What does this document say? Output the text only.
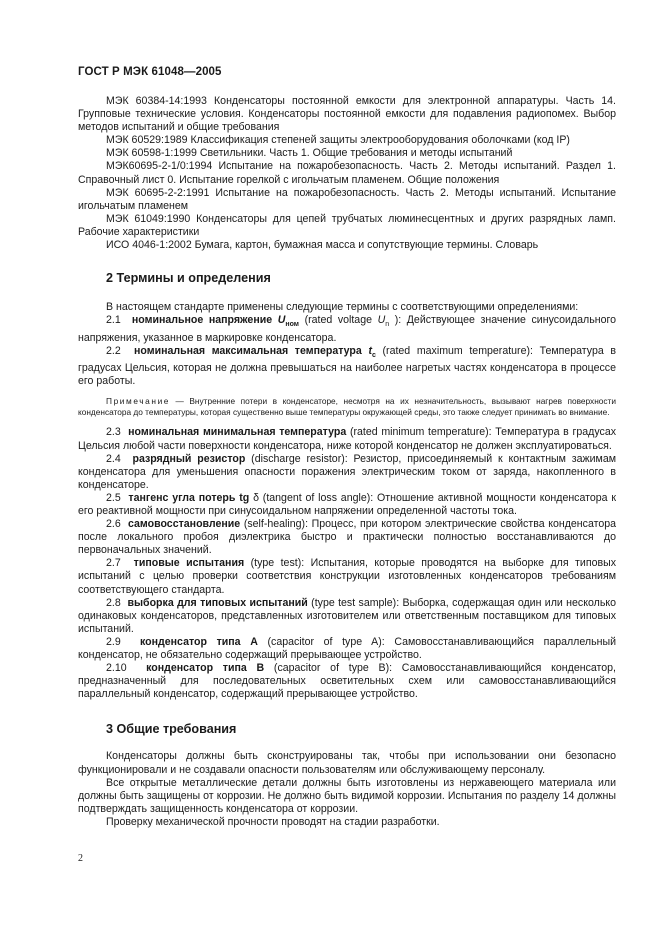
ГОСТ Р МЭК 61048—2005

МЭК 60384-14:1993 Конденсаторы постоянной емкости для электронной аппаратуры. Часть 14. Групповые технические условия. Конденсаторы постоянной емкости для подавления радиопомех. Выбор методов испытаний и общие требования

МЭК 60529:1989 Классификация степеней защиты электрооборудования оболочками (код IP)

МЭК 60598-1:1999 Светильники. Часть 1. Общие требования и методы испытаний

МЭК60695-2-1/0:1994 Испытание на пожаробезопасность. Часть 2. Методы испытаний. Раздел 1. Справочный лист 0. Испытание горелкой с игольчатым пламенем. Общие положения

МЭК 60695-2-2:1991 Испытание на пожаробезопасность. Часть 2. Методы испытаний. Испытание игольчатым пламенем

МЭК 61049:1990 Конденсаторы для цепей трубчатых люминесцентных и других разрядных ламп. Рабочие характеристики

ИСО 4046-1:2002 Бумага, картон, бумажная масса и сопутствующие термины. Словарь

2 Термины и определения

В настоящем стандарте применены следующие термины с соответствующими определениями:

2.1 номинальное напряжение $U_{ном}$ (rated voltage $U_n$ ): Действующее значение синусоидального напряжения, указанное в маркировке конденсатора.

2.2 номинальная максимальная температура $t_c$ (rated maximum temperature): Температура в градусах Цельсия, которая не должна превышаться на наиболее нагретых частях конденсатора в процессе его работы.

Примечание — Внутренние потери в конденсаторе, несмотря на их незначительность, вызывают нагрев поверхности конденсатора до температуры, которая существенно выше температуры окружающей среды, это также следует принимать во внимание.

2.3 номинальная минимальная температура (rated minimum temperature): Температура в градусах Цельсия любой части поверхности конденсатора, ниже которой конденсатор не должен эксплуатироваться.

2.4 разрядный резистор (discharge resistor): Резистор, присоединяемый к контактным зажимам конденсатора для уменьшения опасности поражения электрическим током от заряда, накопленного в конденсаторе.

2.5 тангенс угла потерь tg δ (tangent of loss angle): Отношение активной мощности конденсатора к его реактивной мощности при синусоидальном напряжении определенной частоты тока.

2.6 самовосстановление (self-healing): Процесс, при котором электрические свойства конденсатора после локального пробоя диэлектрика быстро и практически полностью восстанавливаются до первоначальных значений.

2.7 типовые испытания (type test): Испытания, которые проводятся на выборке для типовых испытаний с целью проверки соответствия конструкции изготовленных конденсаторов требованиям соответствующего стандарта.

2.8 выборка для типовых испытаний (type test sample): Выборка, содержащая один или несколько одинаковых конденсаторов, представленных изготовителем или ответственным поставщиком для типовых испытаний.

2.9 конденсатор типа A (capacitor of type A): Самовосстанавливающийся параллельный конденсатор, не обязательно содержащий прерывающее устройство.

2.10 конденсатор типа B (capacitor of type B): Самовосстанавливающийся конденсатор, предназначенный для последовательных осветительных схем или самовосстанавливающийся параллельный конденсатор, содержащий прерывающее устройство.

3 Общие требования

Конденсаторы должны быть сконструированы так, чтобы при использовании они безопасно функционировали и не создавали опасности пользователям или обслуживающему персоналу.

Все открытые металлические детали должны быть изготовлены из нержавеющего материала или должны быть защищены от коррозии. Не должно быть видимой коррозии. Испытания по разделу 14 должны подтверждать защищенность конденсатора от коррозии.

Проверку механической прочности проводят на стадии разработки.

2
